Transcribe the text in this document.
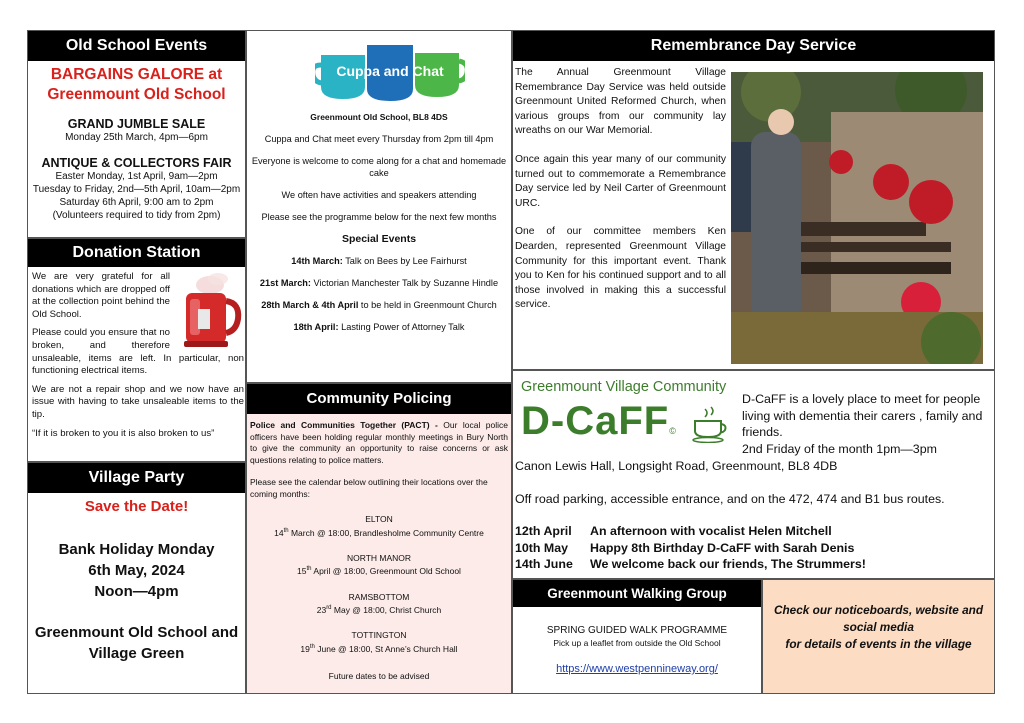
Old School Events

BARGAINS GALORE at

Greenmount Old School

GRAND JUMBLE SALE

Monday 25th March, 4pm—6pm

ANTIQUE & COLLECTORS FAIR

Easter Monday, 1st April, 9am—2pm

Tuesday to Friday, 2nd—5th April, 10am—2pm

Saturday 6th April, 9:00 am to 2pm

(Volunteers required to tidy from 2pm)

Donation Station

We are very grateful for all donations which are dropped off at the collection point behind the Old School.

Please could you ensure that no broken, and therefore unsaleable, items are left. In particular, non functioning electrical items.

We are not a repair shop and we now have an issue with having to take unsaleable items to the tip.

“If it is broken to you it is also broken to us”

Village Party

Save the Date!

Bank Holiday Monday

6th May, 2024

Noon—4pm

Greenmount Old School and

Village Green

Cuppa and Chat

Greenmount Old School, BL8 4DS

Cuppa and Chat meet every Thursday from 2pm till 4pm

Everyone is welcome to come along for a chat and homemade cake

We often have activities and speakers attending

Please see the programme below for the next few months

Special Events

14th March: Talk on Bees by Lee Fairhurst

21st March: Victorian Manchester Talk by Suzanne Hindle

28th March & 4th April to be held in Greenmount Church

18th April: Lasting Power of Attorney Talk

Community Policing

Police and Communities Together (PACT) - Our local police officers have been holding regular monthly meetings in Bury North to give the community an opportunity to raise concerns or ask questions relating to police matters.

Please see the calendar below outlining their locations over the coming months:

ELTON

14th March @ 18:00, Brandlesholme Community Centre

NORTH MANOR

15th April @ 18:00, Greenmount Old School

RAMSBOTTOM

23rd May @ 18:00, Christ Church

TOTTINGTON

19th June @ 18:00, St Anne’s Church Hall

Future dates to be advised

Remembrance Day Service

The Annual Greenmount Village Remembrance Day Service was held outside Greenmount United Reformed Church, when various groups from our community lay wreaths on our War Memorial.

Once again this year many of our community turned out to commemorate a Remembrance Day service led by Neil Carter of Greenmount URC.

One of our committee members Ken Dearden, represented Greenmount Village Community for this important event. Thank you to Ken for his continued support and to all those involved in making this a successful service.

Greenmount Village Community

D-CaFF©

D-CaFF is a lovely place to meet for people living with dementia their carers , family and friends.

2nd Friday of the month 1pm—3pm

Canon Lewis Hall, Longsight Road, Greenmount, BL8 4DB

Off road parking, accessible entrance, and on the 472, 474 and B1 bus routes.

12th April An afternoon with vocalist Helen Mitchell

10th May Happy 8th Birthday D-CaFF with Sarah Denis

14th June We welcome back our friends, The Strummers!

Greenmount Walking Group

SPRING GUIDED WALK PROGRAMME

Pick up a leaflet from outside the Old School

https://www.westpennineway.org/

Check our noticeboards, website and

social media

for details of events in the village
